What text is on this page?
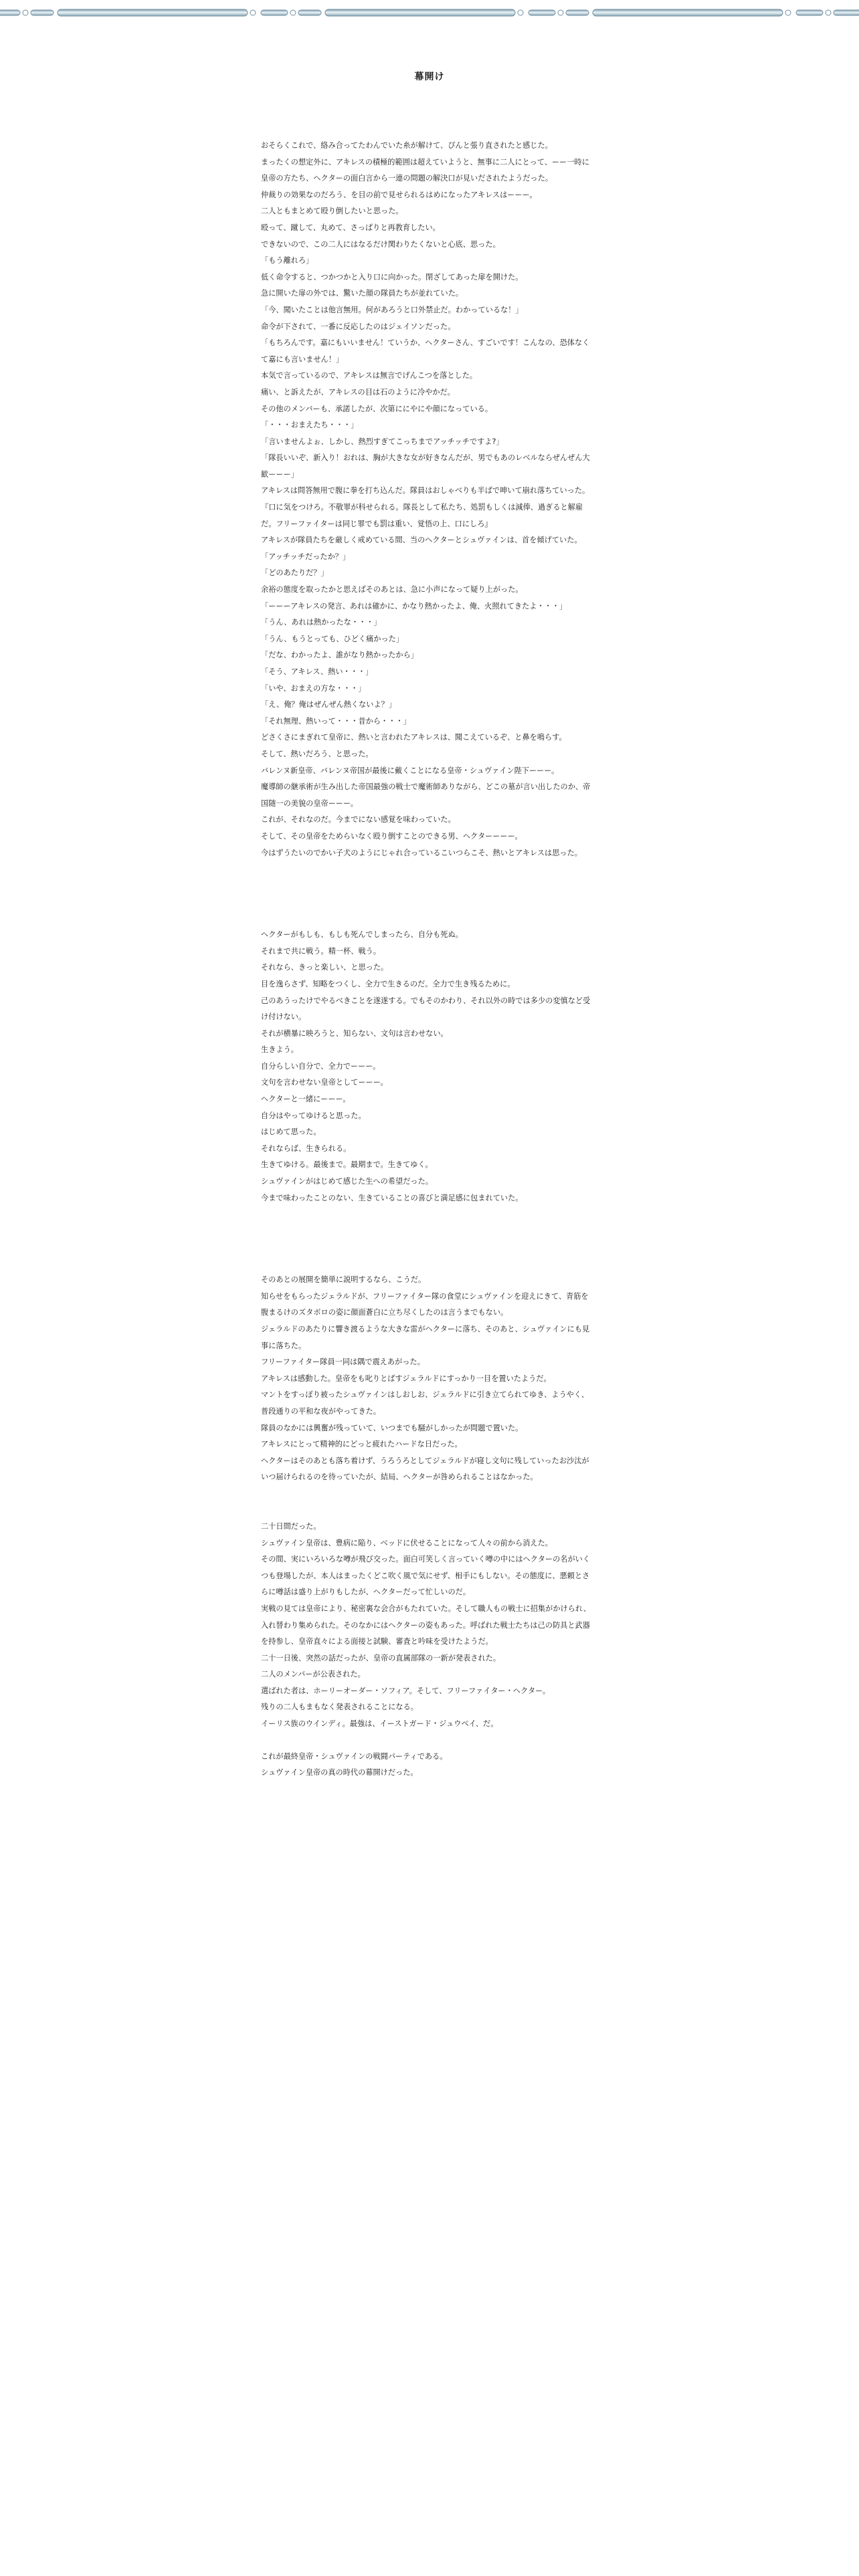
幕開け

おそらくこれで、絡み合ってたわんでいた糸が解けて、ぴんと張り直されたと感じた。

まったくの想定外に、アキレスの積極的範囲は超えていようと、無事に二人にとって、ーー一時に皇帝の方たち、ヘクターの面白言から一連の問題の解決口が見いだされたようだった。

仲裁りの効果なのだろう、を目の前で見せられるはめになったアキレスはーーー。

二人ともまとめて殴り倒したいと思った。

殴って、蹴して、丸めて、さっぱりと再教育したい。

できないので、この二人にはなるだけ関わりたくないと心底、思った。

「もう離れろ」

低く命令すると、つかつかと入り口に向かった。閉ざしてあった扉を開けた。

急に開いた扉の外では、驚いた顔の隊員たちが並れていた。

「今、聞いたことは他言無用。何があろうと口外禁止だ。わかっているな！」

命令が下されて、一番に反応したのはジェイソンだった。

「もちろんです。嘉にもいいません！ていうか、ヘクターさん、すごいです！こんなの、恐体なくて嘉にも言いません！」

本気で言っているので、アキレスは無言でげんこつを落とした。

痛い、と訴えたが、アキレスの目は石のように冷やかだ。

その他のメンバーも、承諾したが、次第ににやにや顔になっている。

「・・・おまえたち・・・」

「言いませんよぉ、しかし、熱烈すぎてこっちまでアッチッチですよ?」

「隊長いいぞ、新入り！おれは、胸が大きな女が好きなんだが、男でもあのレベルならぜんぜん大歓ーーー」

アキレスは問答無用で腹に拳を打ち込んだ。隊員はおしゃべりも半ばで呻いて崩れ落ちていった。

『口に気をつけろ。不敬罪が科せられる。隊長として私たち、処罰もしくは減俸、過ぎると解雇だ。フリーファイターは同じ罪でも罰は重い、覚悟の上、口にしろ』

アキレスが隊員たちを厳しく戒めている間、当のヘクターとシュヴァインは、首を傾げていた。

「アッチッチだったか？」

「どのあたりだ？」

余裕の態度を取ったかと思えばそのあとは、急に小声になって疑り上がった。

「ーーーアキレスの発言、あれは確かに、かなり熱かったよ、俺、火照れてきたよ・・・」

「うん、あれは熱かったな・・・」

「うん、もうとっても、ひどく痛かった」

「だな、わかったよ、誰がなり熱かったから」

「そう、アキレス、熱い・・・」

「いや、おまえの方な・・・」

「え、俺？俺はぜんぜん熱くないよ？」

「それ無理、熱いって・・・昔から・・・」

どさくさにまぎれて皇帝に、熱いと言われたアキレスは、聞こえているぞ、と鼻を鳴らす。

そして、熱いだろう、と思った。

バレンヌ新皇帝、バレンヌ帝国が最後に戴くことになる皇帝・シュヴァイン陛下ーーー。

魔導師の継承術が生み出した帝国最強の戦士で魔術師ありながら、どこの墓が言い出したのか、帝国随一の美貌の皇帝ーーー。

これが、それなのだ。今までにない感覚を味わっていた。

そして、その皇帝をためらいなく殴り倒すことのできる男、ヘクターーーー。

今はずうたいのでかい子犬のようにじゃれ合っているこいつらこそ、熱いとアキレスは思った。

ヘクターがもしも、もしも死んでしまったら、自分も死ぬ。

それまで共に戦う。精一杯、戦う。

それなら、きっと楽しい、と思った。

目を逸らさず、知略をつくし、全力で生きるのだ。全力で生き残るために。

己のあうったけでやるべきことを遂遂する。でもそのかわり、それ以外の時では多少の変慎など受け付けない。

それが横暴に映ろうと、知らない、文句は言わせない。

生きよう。

自分らしい自分で、全力でーーー。

文句を言わせない皇帝としてーーー。

ヘクターと一緒にーーー。

自分はやってゆけると思った。

はじめて思った。

それならば、生きられる。

生きてゆける。最後まで。最期まで。生きてゆく。

シュヴァインがはじめて感じた生への希望だった。

今まで味わったことのない、生きていることの喜びと満足感に包まれていた。

そのあとの展開を簡単に説明するなら、こうだ。

知らせをもらったジェラルドが、フリーファイター隊の食堂にシュヴァインを迎えにきて、青筋を腹まるけのズタボロの姿に顔面蒼白に立ち尽くしたのは言うまでもない。

ジェラルドのあたりに響き渡るような大きな雷がヘクターに落ち、そのあと、シュヴァインにも見事に落ちた。

フリーファイター隊員一同は隅で震えあがった。

アキレスは感動した。皇帝をも叱りとばすジェラルドにすっかり一目を置いたようだ。

マントをすっぽり被ったシュヴァインはしおしお、ジェラルドに引き立てられてゆき、ようやく、普段通りの平和な夜がやってきた。

隊員のなかには興奮が残っていて、いつまでも騒がしかったが問題で置いた。

アキレスにとって精神的にどっと疲れたハードな日だった。

ヘクターはそのあとも落ち着けず、うろうろとしてジェラルドが寝し文句に残していったお沙汰がいつ届けられるのを待っていたが、結局、ヘクターが咎められることはなかった。

二十日間だった。

シュヴァイン皇帝は、豊病に陥り、ベッドに伏せることになって人々の前から消えた。

その間、実にいろいろな噂が飛び交った。面白可笑しく言っていく噂の中にはヘクターの名がいくつも登場したが、本人はまったくどこ吹く風で気にせず、相手にもしない。その態度に、悪頼とさらに噂話は盛り上がりもしたが、ヘクターだって忙しいのだ。

実戦の見ては皇帝により、秘密裏な会合がもたれていた。そして職人もの戦士に招集がかけられ、入れ替わり集められた。そのなかにはヘクターの姿もあった。呼ばれた戦士たちは己の防具と武器を持参し、皇帝直々による面接と試験、審査と吟味を受けたようだ。

二十一日後、突然の話だったが、皇帝の直属部隊の一新が発表された。

二人のメンバーが公表された。

選ばれた者は、ホーリーオーダー・ソフィア。そして、フリーファイター・ヘクター。

残りの二人もまもなく発表されることになる。

イーリス族のウインディ。最強は、イーストガード・ジュウベイ、だ。

これが最終皇帝・シュヴァインの戦闘パーティである。

シュヴァイン皇帝の真の時代の幕開けだった。
